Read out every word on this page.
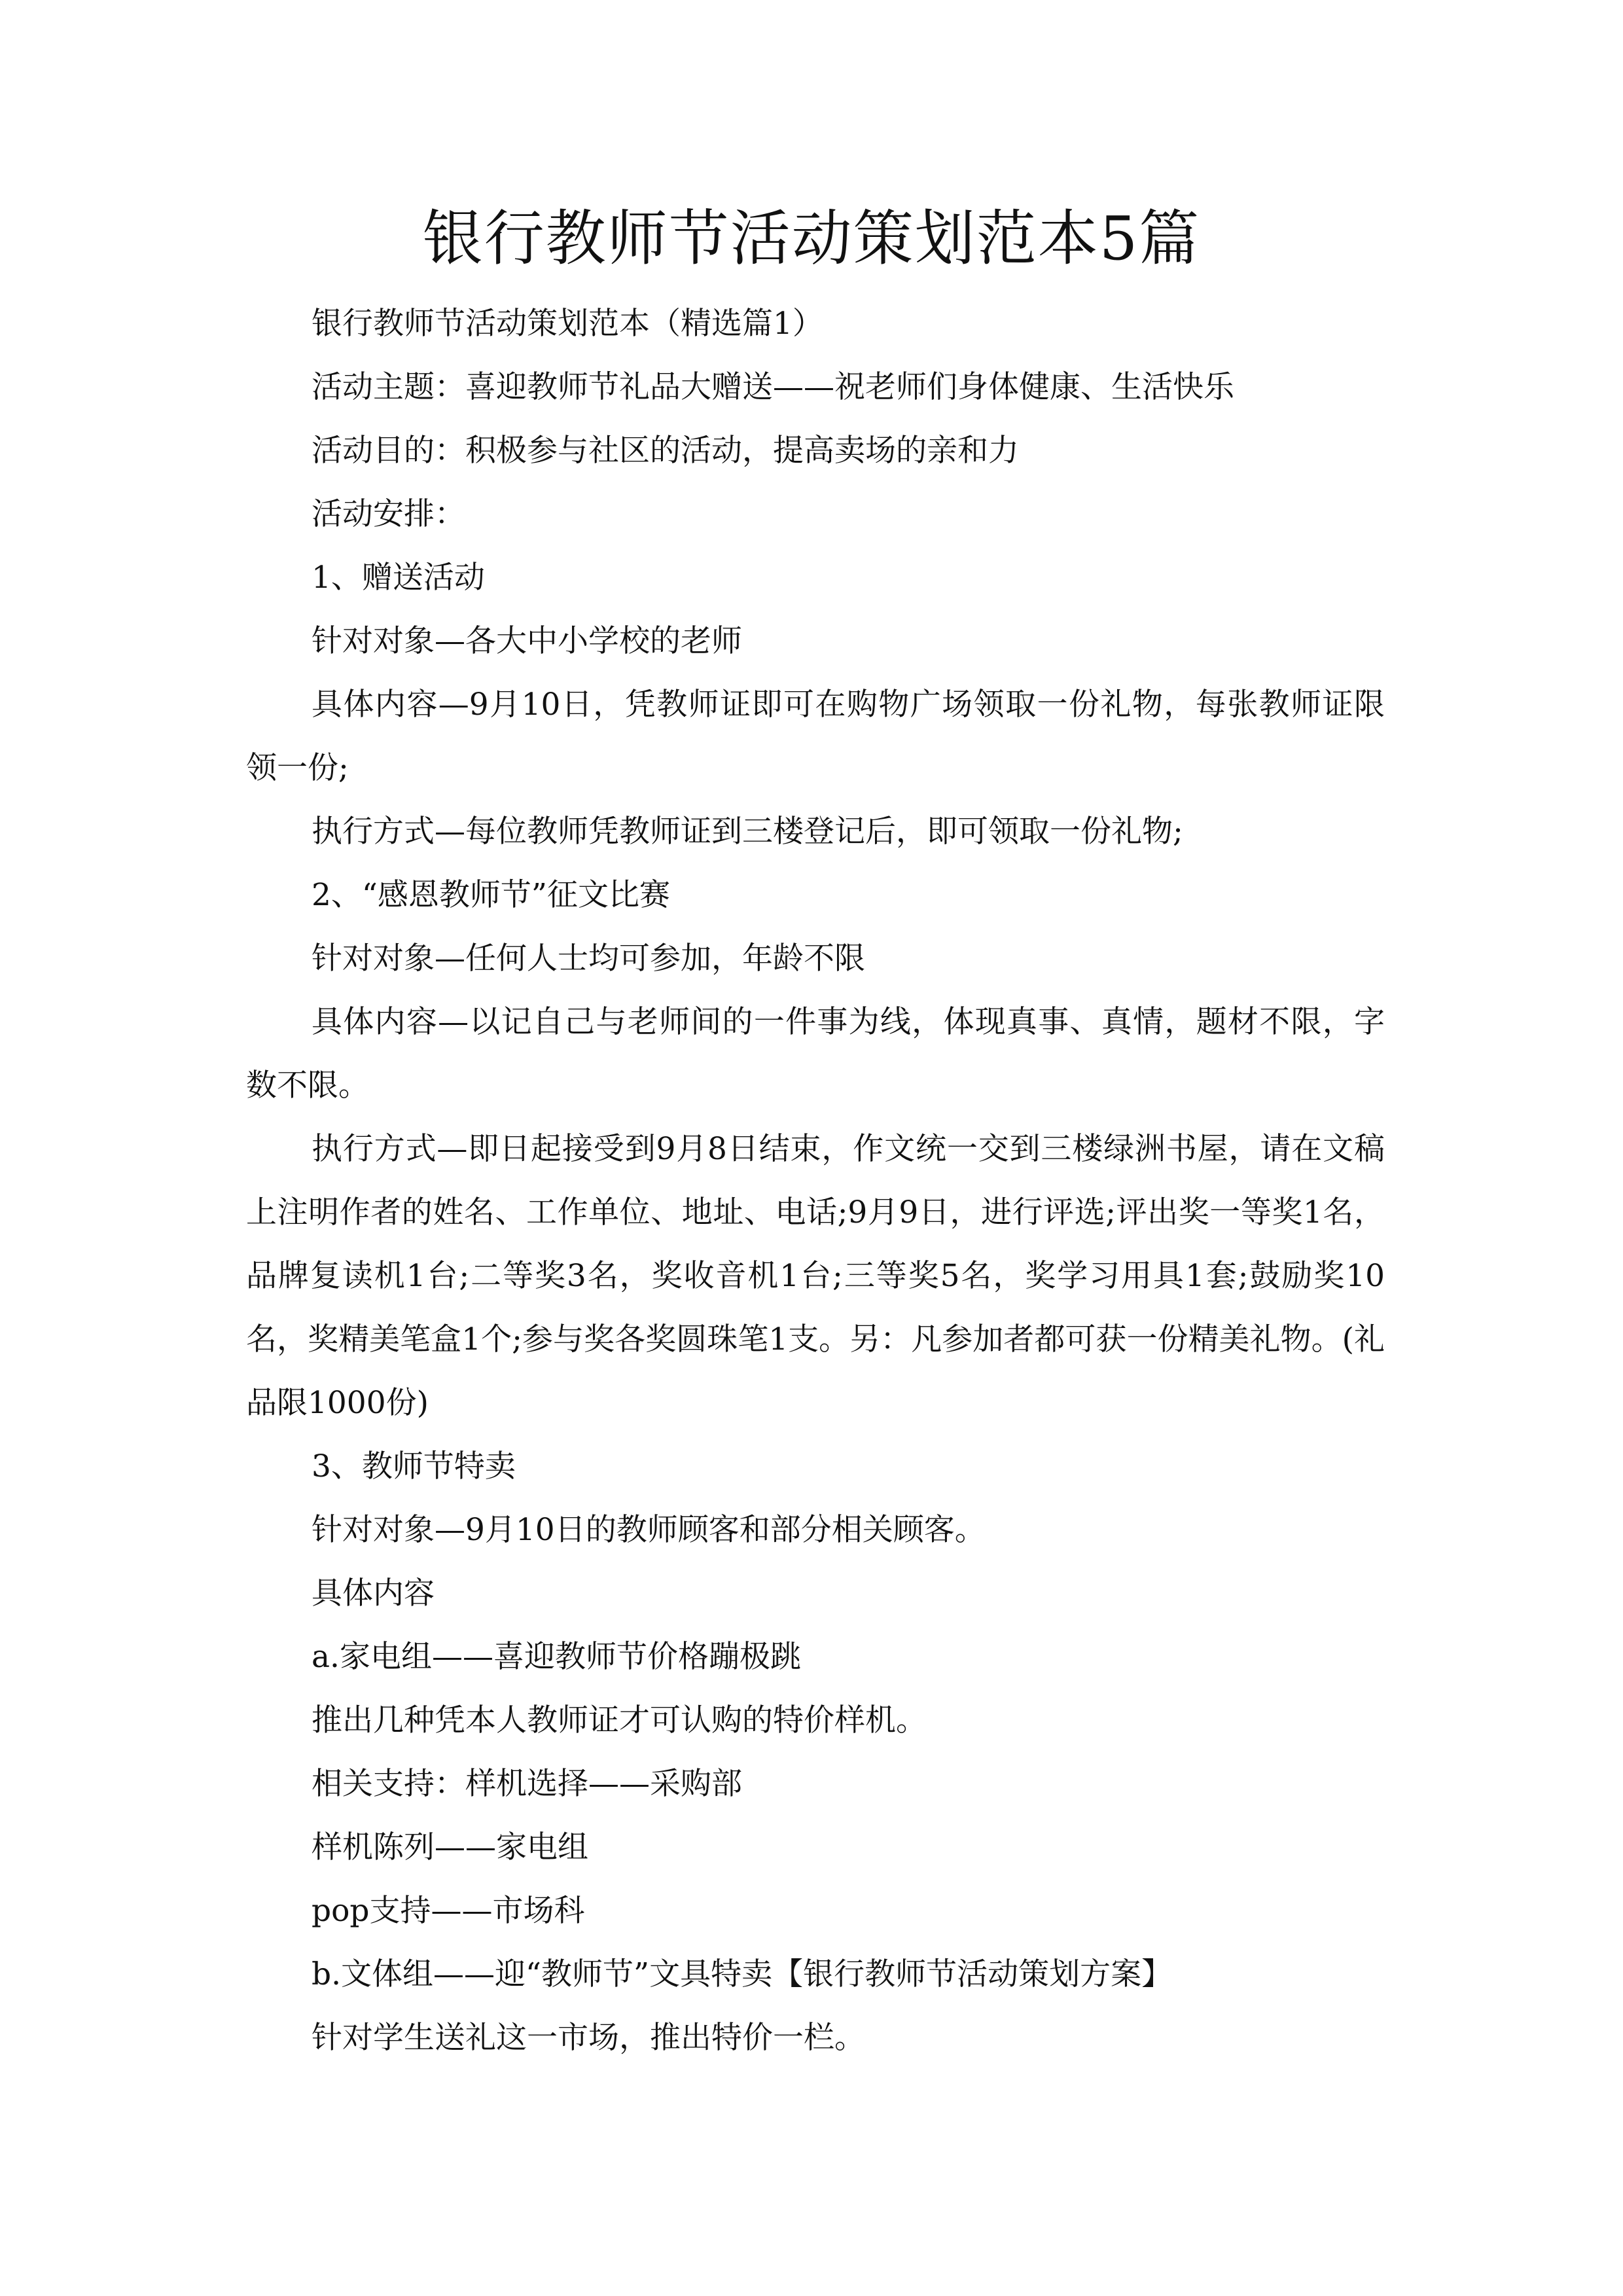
银行教师节活动策划范本5篇

银行教师节活动策划范本（精选篇1）

活动主题：喜迎教师节礼品大赠送——祝老师们身体健康、生活快乐

活动目的：积极参与社区的活动，提高卖场的亲和力

活动安排：

1、赠送活动

针对对象—各大中小学校的老师

具体内容—9月10日，凭教师证即可在购物广场领取一份礼物，每张教师证限领一份;

执行方式—每位教师凭教师证到三楼登记后，即可领取一份礼物;

2、“感恩教师节”征文比赛

针对对象—任何人士均可参加，年龄不限

具体内容—以记自己与老师间的一件事为线，体现真事、真情，题材不限，字数不限。

执行方式—即日起接受到9月8日结束，作文统一交到三楼绿洲书屋，请在文稿上注明作者的姓名、工作单位、地址、电话;9月9日，进行评选;评出奖一等奖1名，品牌复读机1台;二等奖3名，奖收音机1台;三等奖5名，奖学习用具1套;鼓励奖10名，奖精美笔盒1个;参与奖各奖圆珠笔1支。另：凡参加者都可获一份精美礼物。(礼品限1000份)

3、教师节特卖

针对对象—9月10日的教师顾客和部分相关顾客。

具体内容

a.家电组——喜迎教师节价格蹦极跳

推出几种凭本人教师证才可认购的特价样机。

相关支持：样机选择——采购部

样机陈列——家电组

pop支持——市场科

b.文体组——迎“教师节”文具特卖【银行教师节活动策划方案】

针对学生送礼这一市场，推出特价一栏。
